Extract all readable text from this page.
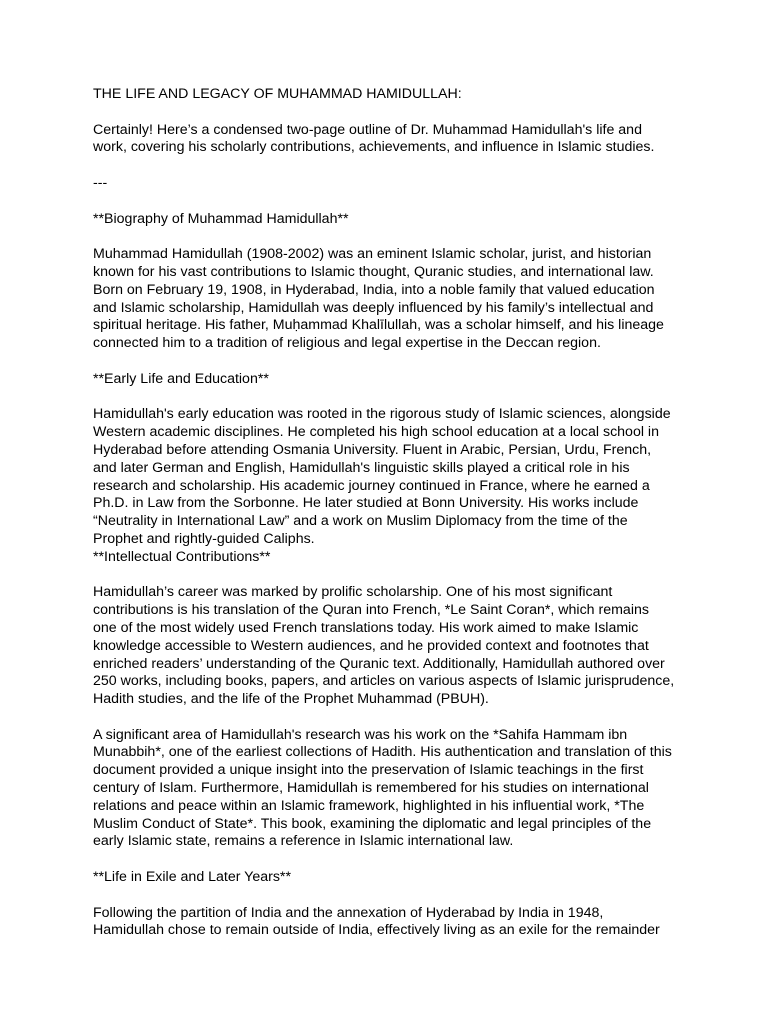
THE LIFE AND LEGACY OF MUHAMMAD HAMIDULLAH:

Certainly! Here’s a condensed two-page outline of Dr. Muhammad Hamidullah's life and
work, covering his scholarly contributions, achievements, and influence in Islamic studies.

---

**Biography of Muhammad Hamidullah**

Muhammad Hamidullah (1908-2002) was an eminent Islamic scholar, jurist, and historian
known for his vast contributions to Islamic thought, Quranic studies, and international law.
Born on February 19, 1908, in Hyderabad, India, into a noble family that valued education
and Islamic scholarship, Hamidullah was deeply influenced by his family’s intellectual and
spiritual heritage. His father, Muḥammad Khalīlullah, was a scholar himself, and his lineage
connected him to a tradition of religious and legal expertise in the Deccan region.

**Early Life and Education**

Hamidullah's early education was rooted in the rigorous study of Islamic sciences, alongside
Western academic disciplines. He completed his high school education at a local school in
Hyderabad before attending Osmania University. Fluent in Arabic, Persian, Urdu, French,
and later German and English, Hamidullah's linguistic skills played a critical role in his
research and scholarship. His academic journey continued in France, where he earned a
Ph.D. in Law from the Sorbonne. He later studied at Bonn University. His works include
“Neutrality in International Law” and a work on Muslim Diplomacy from the time of the
Prophet and rightly-guided Caliphs.

**Intellectual Contributions**

Hamidullah’s career was marked by prolific scholarship. One of his most significant
contributions is his translation of the Quran into French, *Le Saint Coran*, which remains
one of the most widely used French translations today. His work aimed to make Islamic
knowledge accessible to Western audiences, and he provided context and footnotes that
enriched readers’ understanding of the Quranic text. Additionally, Hamidullah authored over
250 works, including books, papers, and articles on various aspects of Islamic jurisprudence,
Hadith studies, and the life of the Prophet Muhammad (PBUH).

A significant area of Hamidullah's research was his work on the *Sahifa Hammam ibn
Munabbih*, one of the earliest collections of Hadith. His authentication and translation of this
document provided a unique insight into the preservation of Islamic teachings in the first
century of Islam. Furthermore, Hamidullah is remembered for his studies on international
relations and peace within an Islamic framework, highlighted in his influential work, *The
Muslim Conduct of State*. This book, examining the diplomatic and legal principles of the
early Islamic state, remains a reference in Islamic international law.

**Life in Exile and Later Years**

Following the partition of India and the annexation of Hyderabad by India in 1948,
Hamidullah chose to remain outside of India, effectively living as an exile for the remainder
